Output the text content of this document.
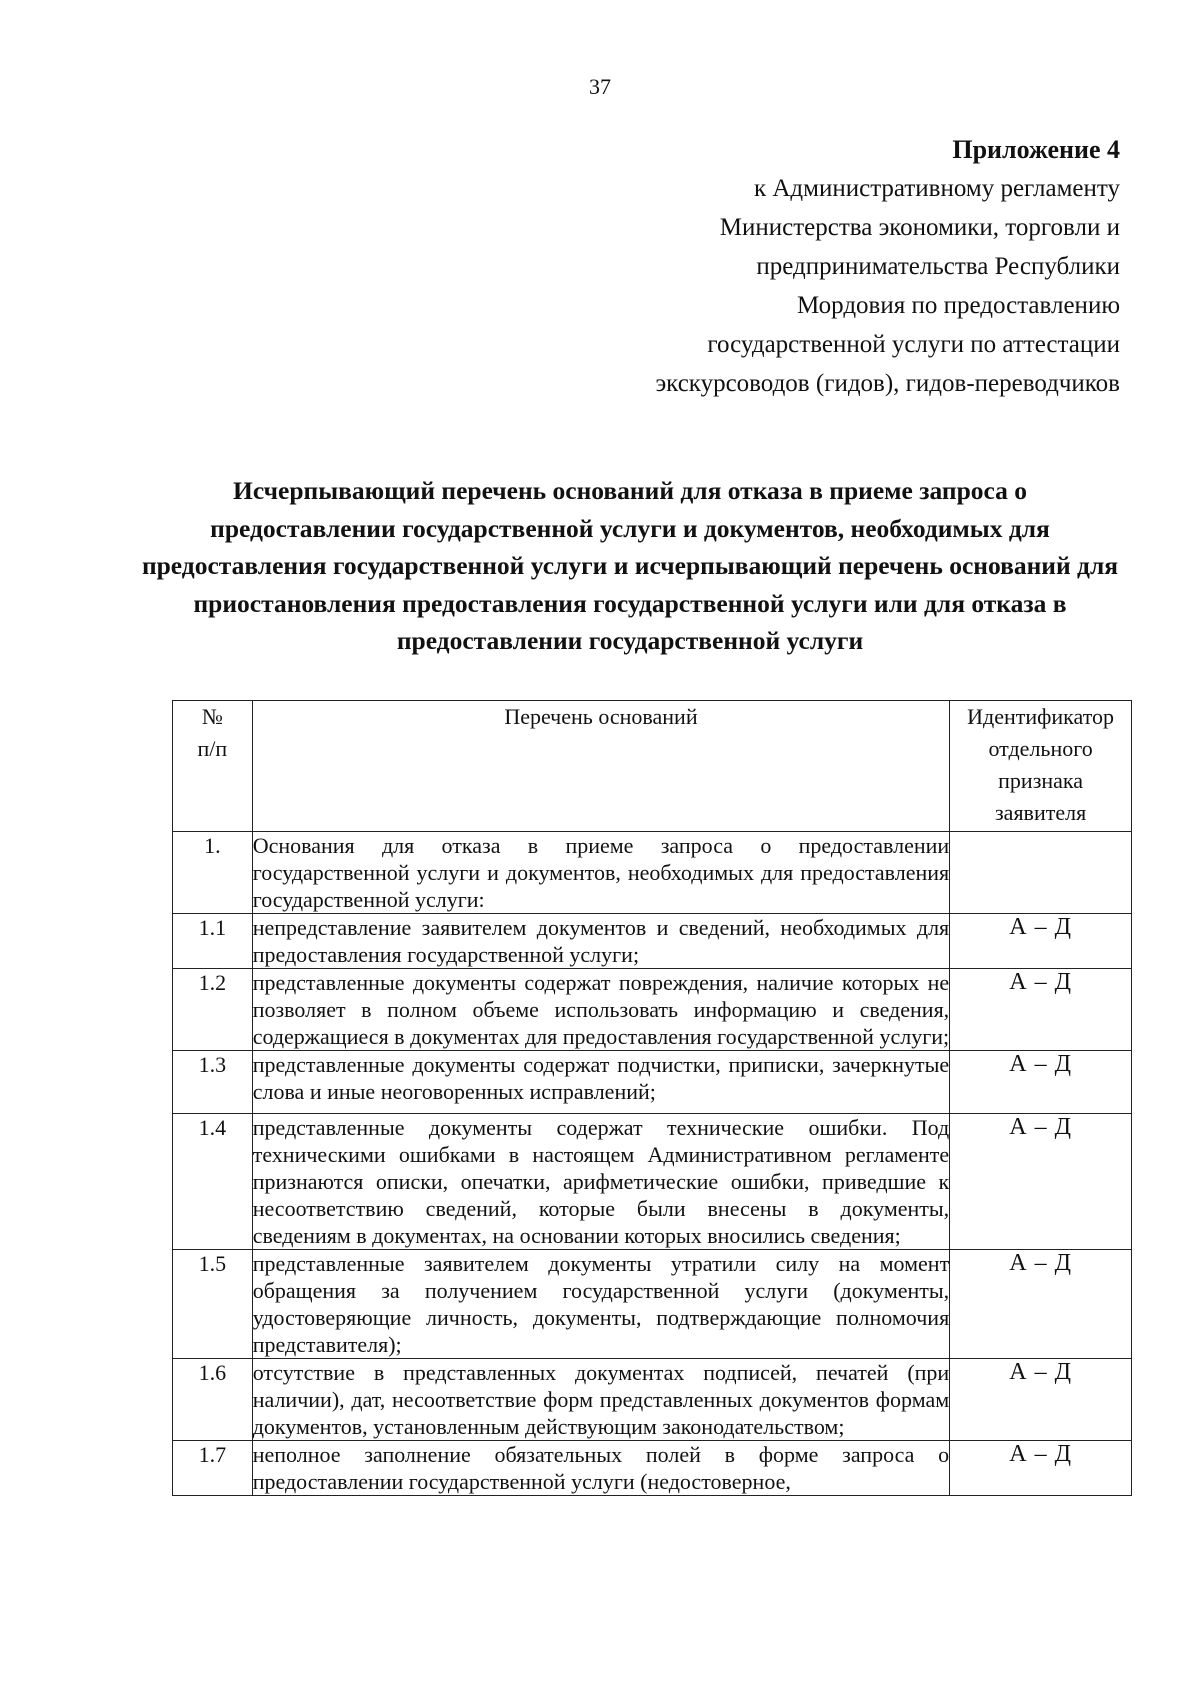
37
Приложение 4
к Административному регламенту
Министерства экономики, торговли и
предпринимательства Республики
Мордовия по предоставлению
государственной услуги по аттестации
экскурсоводов (гидов), гидов-переводчиков
Исчерпывающий перечень оснований для отказа в приеме запроса о предоставлении государственной услуги и документов, необходимых для предоставления государственной услуги и исчерпывающий перечень оснований для приостановления предоставления государственной услуги или для отказа в предоставлении государственной услуги
№ п/п	Перечень оснований	Идентификатор отдельного признака заявителя

1.	Основания для отказа в приеме запроса о предоставлении государственной услуги и документов, необходимых для предоставления государственной услуги:	
1.1	непредставление заявителем документов и сведений, необходимых для предоставления государственной услуги;	А – Д
1.2	представленные документы содержат повреждения, наличие которых не позволяет в полном объеме использовать информацию и сведения, содержащиеся в документах для предоставления государственной услуги;	А – Д
1.3	представленные документы содержат подчистки, приписки, зачеркнутые слова и иные неоговоренных исправлений;	А – Д
1.4	представленные документы содержат технические ошибки. Под техническими ошибками в настоящем Административном регламенте признаются описки, опечатки, арифметические ошибки, приведшие к несоответствию сведений, которые были внесены в документы, сведениям в документах, на основании которых вносились сведения;	А – Д
1.5	представленные заявителем документы утратили силу на момент обращения за получением государственной услуги (документы, удостоверяющие личность, документы, подтверждающие полномочия представителя);	А – Д
1.6	отсутствие в представленных документах подписей, печатей (при наличии), дат, несоответствие форм представленных документов формам документов, установленным действующим законодательством;	А – Д
1.7	неполное заполнение обязательных полей в форме запроса о предоставлении государственной услуги (недостоверное,	А – Д
